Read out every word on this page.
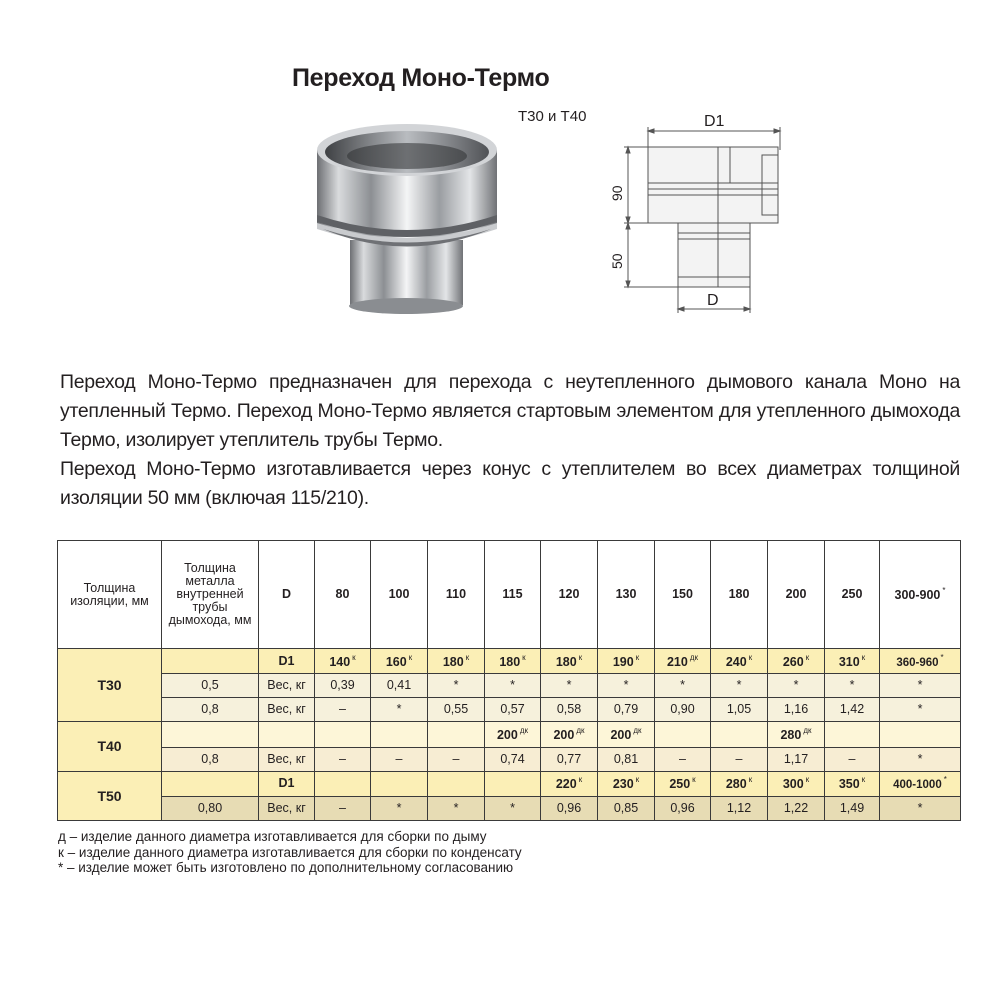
Переход Моно-Термо
Т30 и Т40	D1
D
90
50

Переход Моно-Термо предназначен для перехода с неутепленного дымового канала Моно на утепленный Термо. Переход Моно-Термо является стартовым элементом для утепленного дымохода Термо, изолирует утеплитель трубы Термо.

Переход Моно-Термо изготавливается через конус с утеплителем во всех диаметрах толщиной изоляции 50 мм (включая 115/210).

Толщина изоляции, мм	Толщина металла внутренней трубы дымохода, мм	D	80	100	110	115	120	130	150	180	200	250	300-900 *
Т30		D1	140 $^к$	160 $^к$	180 $^к$	180 $^к$	180 $^к$	190 $^к$	210 $^{дк}$	240 $^к$	260 $^к$	310 $^к$	360-960 *
	0,5	Вес, кг	0,39	0,41	*	*	*	*	*	*	*	*	*
	0,8	Вес, кг	–	*	0,55	0,57	0,58	0,79	0,90	1,05	1,16	1,42	*
Т40						200 $^{дк}$	200 $^{дк}$	200 $^{дк}$			280 $^{дк}$		
	0,8	Вес, кг	–	–	–	0,74	0,77	0,81	–	–	1,17	–	*
Т50		D1					220 $^к$	230 $^к$	250 $^к$	280 $^к$	300 $^к$	350 $^к$	400-1000 *
	0,80	Вес, кг	–	*	*	*	0,96	0,85	0,96	1,12	1,22	1,49	*
д – изделие данного диаметра изготавливается для сборки по дыму
к – изделие данного диаметра изготавливается для сборки по конденсату
* – изделие может быть изготовлено по дополнительному согласованию
